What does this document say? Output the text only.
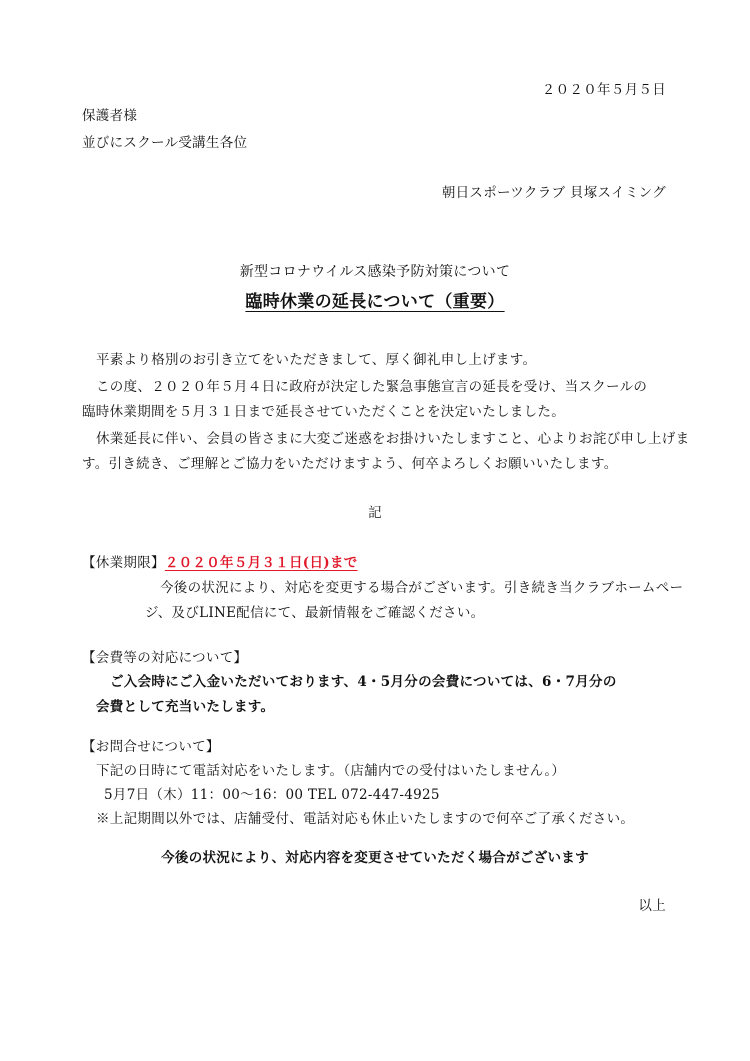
２０２０年５月５日

保護者様

並びにスクール受講生各位

朝日スポーツクラブ 貝塚スイミング

新型コロナウイルス感染予防対策について

臨時休業の延長について（重要）

平素より格別のお引き立てをいただきまして、厚く御礼申し上げます。

この度、２０２０年５月４日に政府が決定した緊急事態宣言の延長を受け、当スクールの

臨時休業期間を５月３１日まで延長させていただくことを決定いたしました。

休業延長に伴い、会員の皆さまに大変ご迷惑をお掛けいたしますこと、心よりお詫び申し上げま

す。引き続き、ご理解とご協力をいただけますよう、何卒よろしくお願いいたします。

記

【休業期限】２０２０年５月３１日(日)まで

今後の状況により、対応を変更する場合がございます。引き続き当クラブホームペー

ジ、及びLINE配信にて、最新情報をご確認ください。

【会費等の対応について】

ご入会時にご入金いただいております、4・5月分の会費については、6・7月分の

会費として充当いたします。

【お問合せについて】

下記の日時にて電話対応をいたします。（店舗内での受付はいたしません。）

5月7日（木）11：00〜16：00 TEL 072-447-4925

※上記期間以外では、店舗受付、電話対応も休止いたしますので何卒ご了承ください。

今後の状況により、対応内容を変更させていただく場合がございます

以上
